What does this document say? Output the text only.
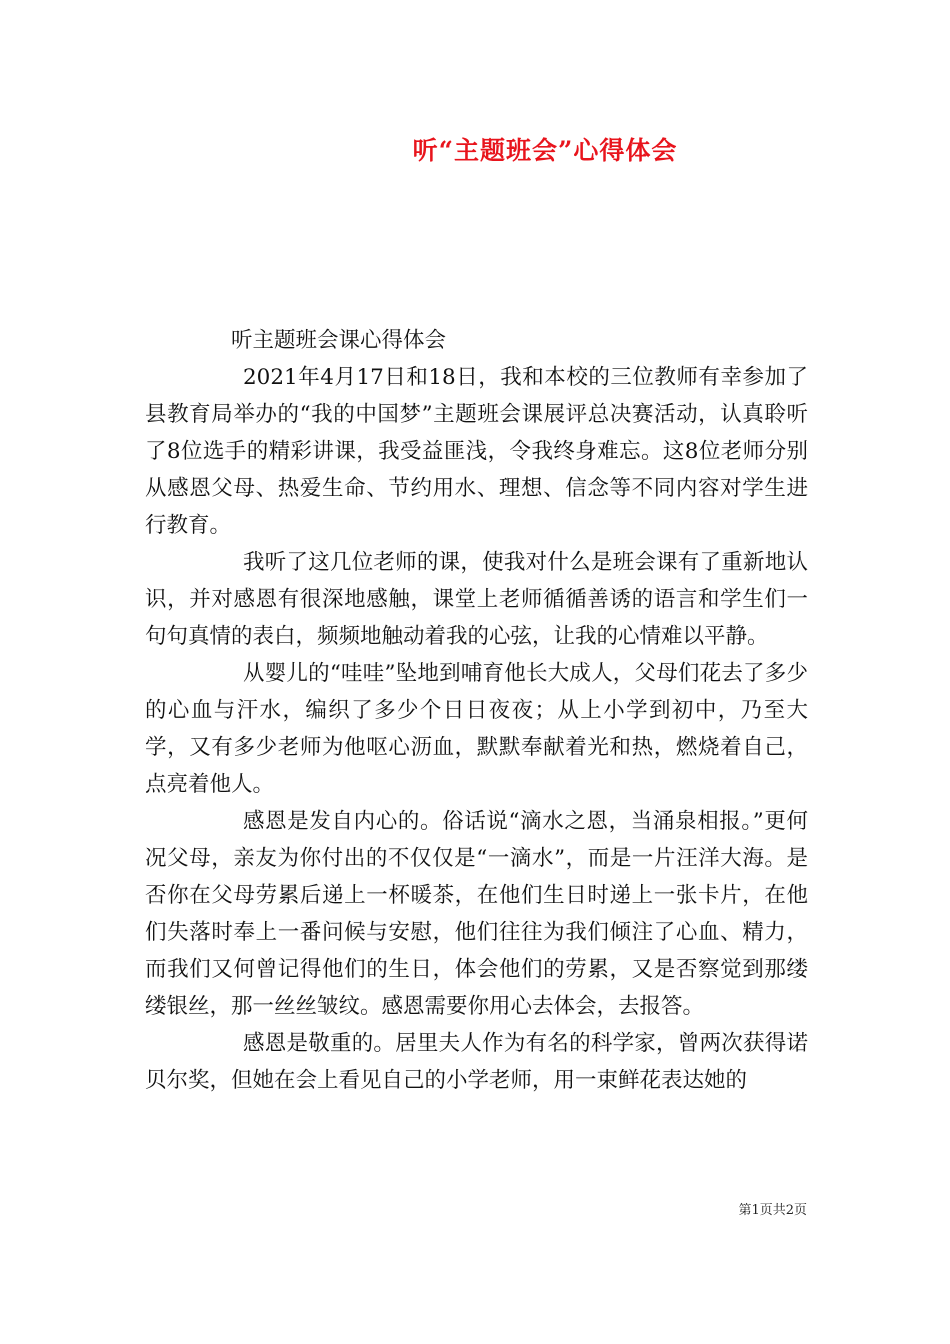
听“主题班会”心得体会

听主题班会课心得体会

2021年4月17日和18日，我和本校的三位教师有幸参加了县教育局举办的“我的中国梦”主题班会课展评总决赛活动，认真聆听了8位选手的精彩讲课，我受益匪浅，令我终身难忘。这8位老师分别从感恩父母、热爱生命、节约用水、理想、信念等不同内容对学生进行教育。

我听了这几位老师的课，使我对什么是班会课有了重新地认识，并对感恩有很深地感触，课堂上老师循循善诱的语言和学生们一句句真情的表白，频频地触动着我的心弦，让我的心情难以平静。

从婴儿的“哇哇”坠地到哺育他长大成人，父母们花去了多少的心血与汗水，编织了多少个日日夜夜；从上小学到初中，乃至大学，又有多少老师为他呕心沥血，默默奉献着光和热，燃烧着自己，点亮着他人。

感恩是发自内心的。俗话说“滴水之恩，当涌泉相报。”更何况父母，亲友为你付出的不仅仅是“一滴水”，而是一片汪洋大海。是否你在父母劳累后递上一杯暖茶，在他们生日时递上一张卡片，在他们失落时奉上一番问候与安慰，他们往往为我们倾注了心血、精力，而我们又何曾记得他们的生日，体会他们的劳累，又是否察觉到那缕缕银丝，那一丝丝皱纹。感恩需要你用心去体会，去报答。

感恩是敬重的。居里夫人作为有名的科学家，曾两次获得诺贝尔奖，但她在会上看见自己的小学老师，用一束鲜花表达她的

第1页共2页
